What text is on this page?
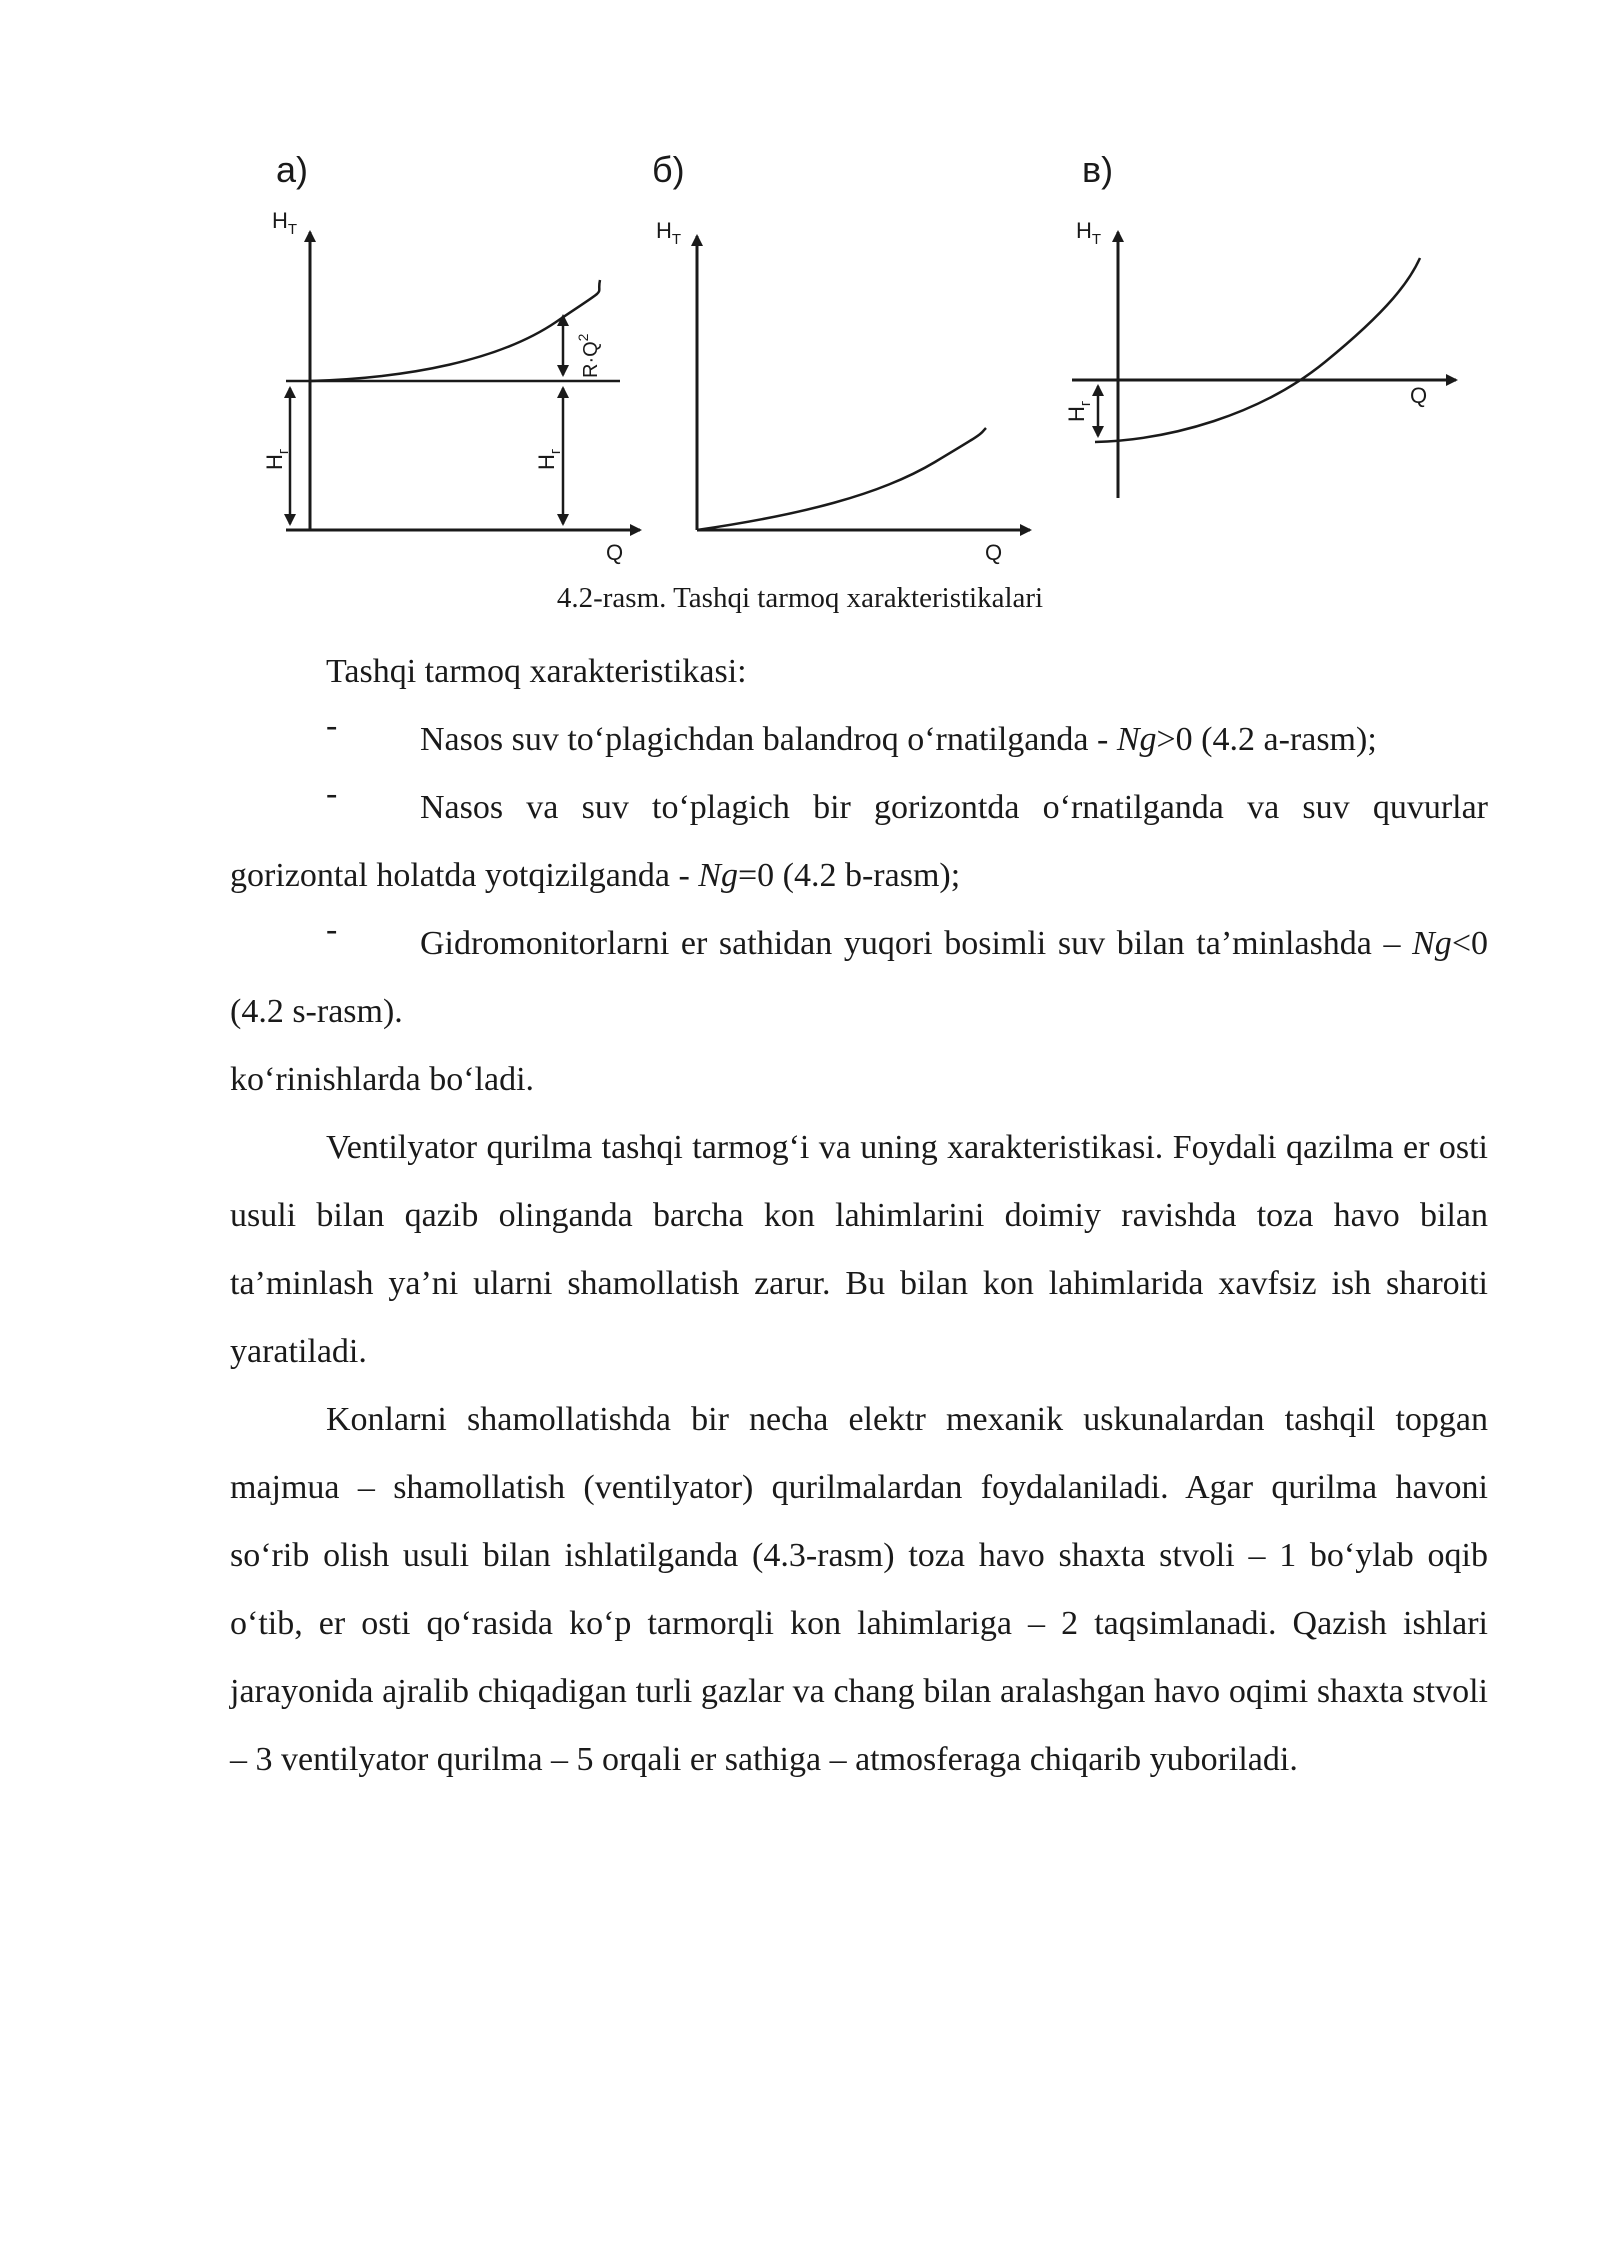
а)
$H_T$
Q
$H_г$
$H_г$
$R\cdot Q^2$
б)
$H_T$
Q
в)
$H_T$
Q
$H_г$
4.2-rasm. Tashqi tarmoq xarakteristikalari

Tashqi tarmoq xarakteristikasi:

- Nasos suv to‘plagichdan balandroq o‘rnatilganda - Ng>0 (4.2 a-rasm);

- Nasos va suv to‘plagich bir gorizontda o‘rnatilganda va suv quvurlar gorizontal holatda yotqizilganda - Ng=0 (4.2 b-rasm);

- Gidromonitorlarni er sathidan yuqori bosimli suv bilan ta’minlashda – Ng<0 (4.2 s-rasm).

ko‘rinishlarda bo‘ladi.

Ventilyator qurilma tashqi tarmog‘i va uning xarakteristikasi. Foydali qazilma er osti usuli bilan qazib olinganda barcha kon lahimlarini doimiy ravishda toza havo bilan ta’minlash ya’ni ularni shamollatish zarur. Bu bilan kon lahimlarida xavfsiz ish sharoiti yaratiladi.

Konlarni shamollatishda bir necha elektr mexanik uskunalardan tashqil topgan majmua – shamollatish (ventilyator) qurilmalardan foydalaniladi. Agar qurilma havoni so‘rib olish usuli bilan ishlatilganda (4.3-rasm) toza havo shaxta stvoli – 1 bo‘ylab oqib o‘tib, er osti qo‘rasida ko‘p tarmorqli kon lahimlariga – 2 taqsimlanadi. Qazish ishlari jarayonida ajralib chiqadigan turli gazlar va chang bilan aralashgan havo oqimi shaxta stvoli – 3 ventilyator qurilma – 5 orqali er sathiga – atmosferaga chiqarib yuboriladi.
